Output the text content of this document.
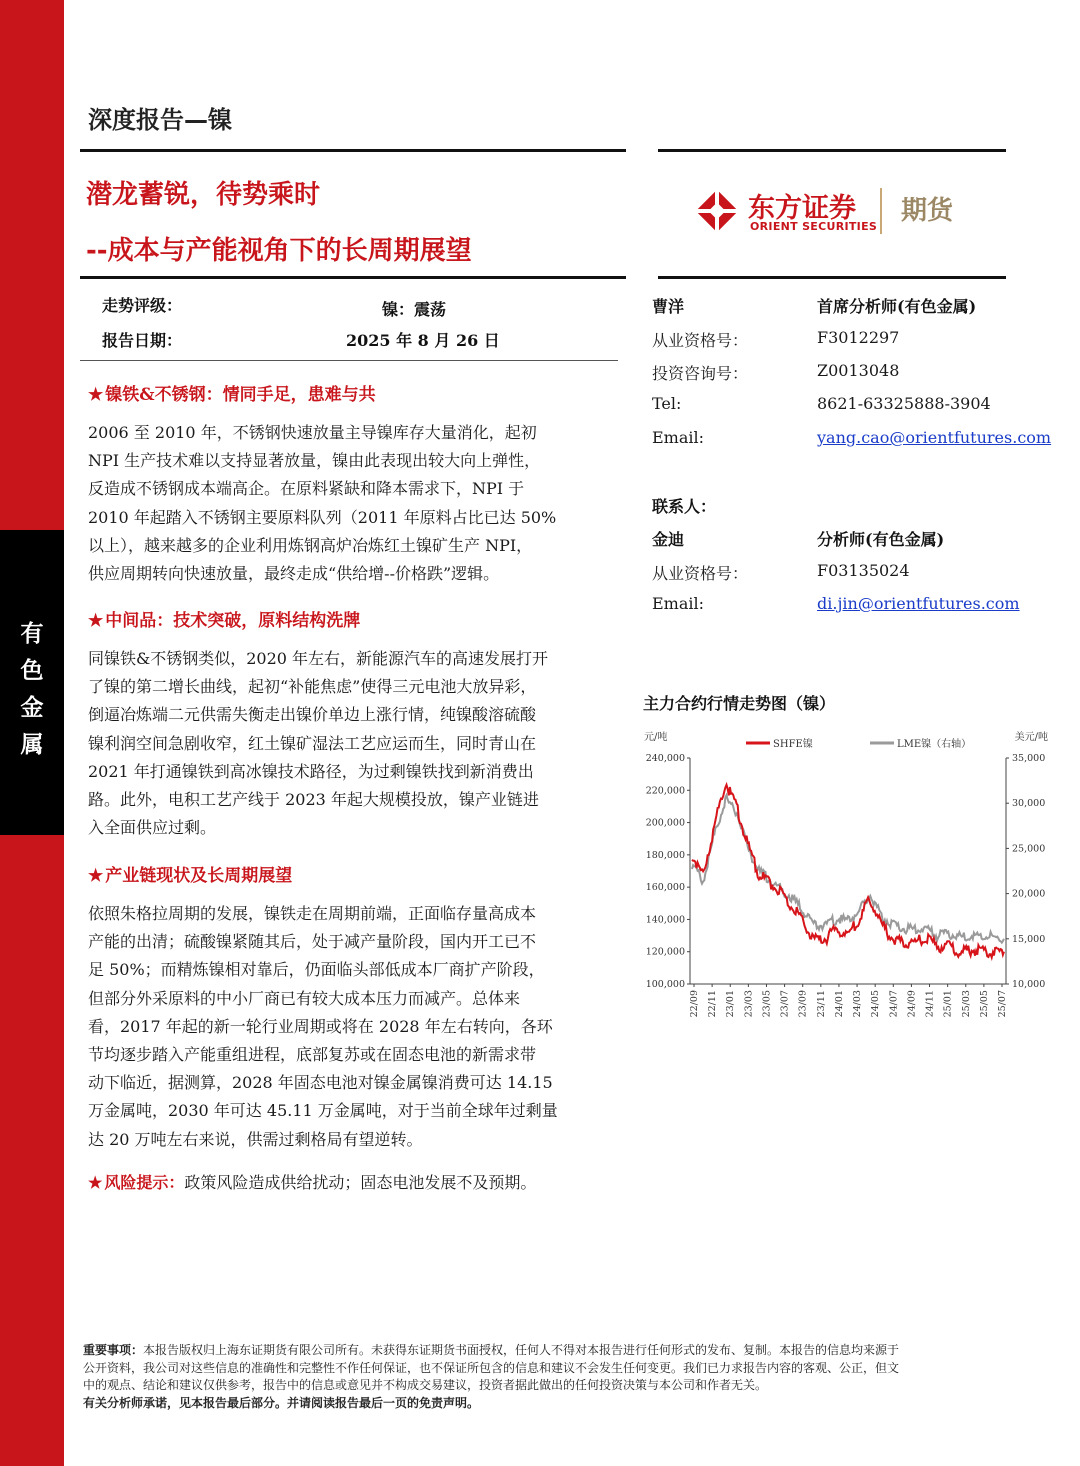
有
色
金
属
深度报告—镍
潜龙蓄锐，待势乘时
--成本与产能视角下的长周期展望
东方证券
ORIENT SECURITIES
期货
走势评级：	镍：震荡
报告日期：	2025 年 8 月 26 日
★ 镍铁&不锈钢：情同手足，患难与共
2006 至 2010 年，不锈钢快速放量主导镍库存大量消化，起初
NPI 生产技术难以支持显著放量，镍由此表现出较大向上弹性，
反造成不锈钢成本端高企。在原料紧缺和降本需求下，NPI 于
2010 年起踏入不锈钢主要原料队列（2011 年原料占比已达 50%
以上），越来越多的企业利用炼钢高炉冶炼红土镍矿生产 NPI，
供应周期转向快速放量，最终走成“供给增--价格跌”逻辑。
★ 中间品：技术突破，原料结构洗牌
同镍铁&不锈钢类似，2020 年左右，新能源汽车的高速发展打开
了镍的第二增长曲线，起初“补能焦虑”使得三元电池大放异彩，
倒逼冶炼端二元供需失衡走出镍价单边上涨行情，纯镍酸溶硫酸
镍利润空间急剧收窄，红土镍矿湿法工艺应运而生，同时青山在
2021 年打通镍铁到高冰镍技术路径，为过剩镍铁找到新消费出
路。此外，电积工艺产线于 2023 年起大规模投放，镍产业链进
入全面供应过剩。
★ 产业链现状及长周期展望
依照朱格拉周期的发展，镍铁走在周期前端，正面临存量高成本
产能的出清；硫酸镍紧随其后，处于减产量阶段，国内开工已不
足 50%；而精炼镍相对靠后，仍面临头部低成本厂商扩产阶段，
但部分外采原料的中小厂商已有较大成本压力而减产。总体来
看，2017 年起的新一轮行业周期或将在 2028 年左右转向，各环
节均逐步踏入产能重组进程，底部复苏或在固态电池的新需求带
动下临近，据测算，2028 年固态电池对镍金属镍消费可达 14.15
万金属吨，2030 年可达 45.11 万金属吨，对于当前全球年过剩量
达 20 万吨左右来说，供需过剩格局有望逆转。
★ 风险提示：政策风险造成供给扰动；固态电池发展不及预期。
曹洋	首席分析师(有色金属)
从业资格号：	F3012297
投资咨询号：	Z0013048
Tel:	8621-63325888-3904
Email:	yang.cao@orientfutures.com
联系人：
金迪	分析师(有色金属)
从业资格号：	F03135024
Email:	di.jin@orientfutures.com
主力合约行情走势图（镍）
元/吨	美元/吨
SHFE镍	LME镍（右轴）
240,000
220,000
200,000
180,000
160,000
140,000
120,000
100,000
35,000
30,000
25,000
20,000
15,000
10,000
22/09 22/11 23/01 23/03 23/05 23/07 23/09 23/11 24/01 24/03 24/05 24/07 24/09 24/11 25/01 25/03 25/05 25/07
重要事项：本报告版权归上海东证期货有限公司所有。未获得东证期货书面授权，任何人不得对本报告进行任何形式的发布、复制。本报告的信息均来源于
公开资料，我公司对这些信息的准确性和完整性不作任何保证，也不保证所包含的信息和建议不会发生任何变更。我们已力求报告内容的客观、公正，但文
中的观点、结论和建议仅供参考，报告中的信息或意见并不构成交易建议，投资者据此做出的任何投资决策与本公司和作者无关。
有关分析师承诺，见本报告最后部分。并请阅读报告最后一页的免责声明。
